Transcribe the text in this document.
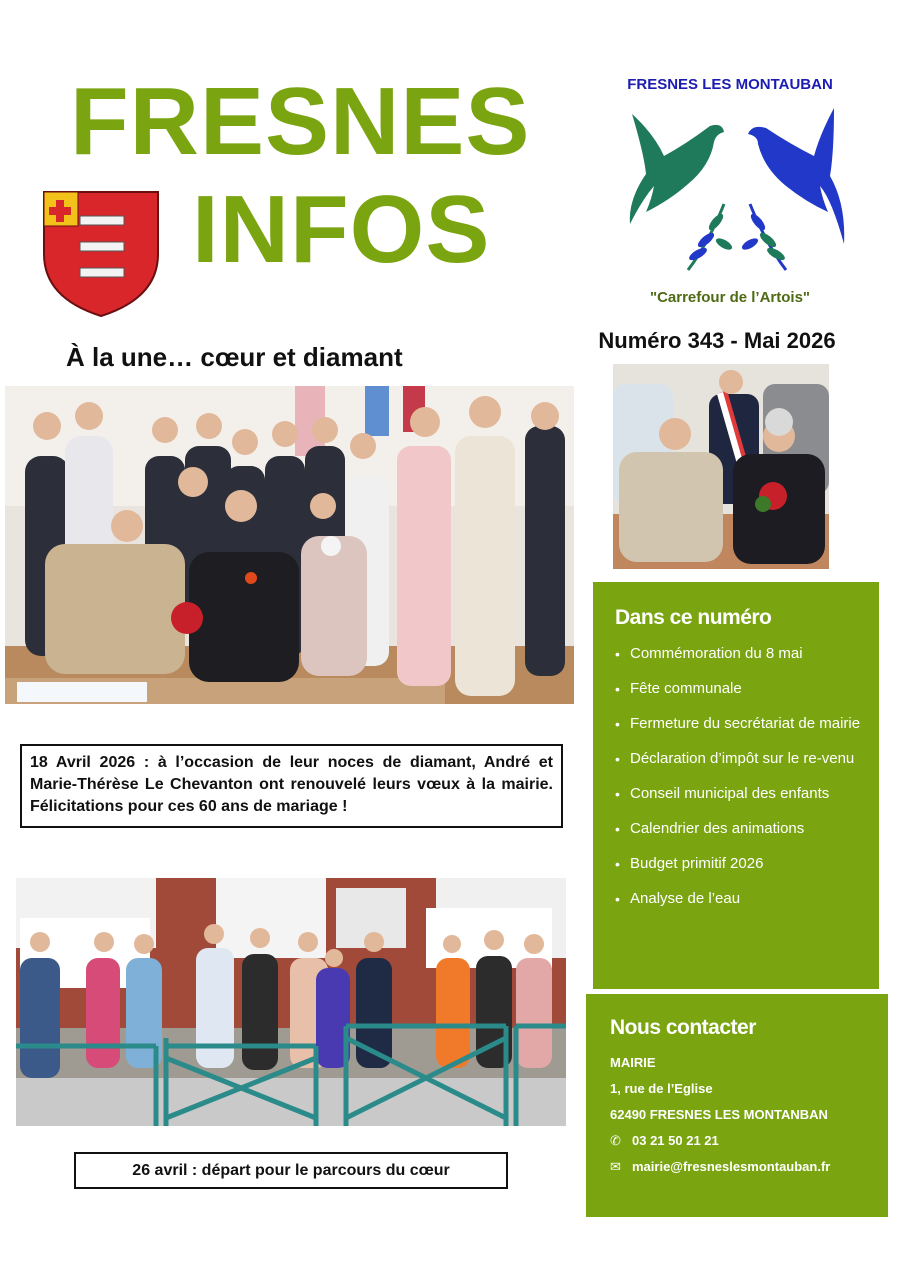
FRESNES
INFOS
FRESNES LES MONTAUBAN
"Carrefour de l’Artois"
Numéro 343 - Mai 2026
À la une… cœur et diamant
18 Avril 2026 : à l’occasion de leur noces de diamant, André et Marie-Thérèse Le Chevanton ont renouvelé leurs vœux à la mairie. Félicitations pour ces 60 ans de mariage !
26 avril : départ pour le parcours du cœur
Dans ce numéro
• Commémoration du 8 mai
• Fête communale
• Fermeture du secrétariat de mairie
• Déclaration d’impôt sur le re-venu
• Conseil municipal des enfants
• Calendrier des animations
• Budget primitif 2026
• Analyse de l’eau
Nous contacter
MAIRIE
1, rue de l’Eglise
62490 FRESNES LES MONTANBAN
✆ 03 21 50 21 21
✉ mairie@fresneslesmontauban.fr
